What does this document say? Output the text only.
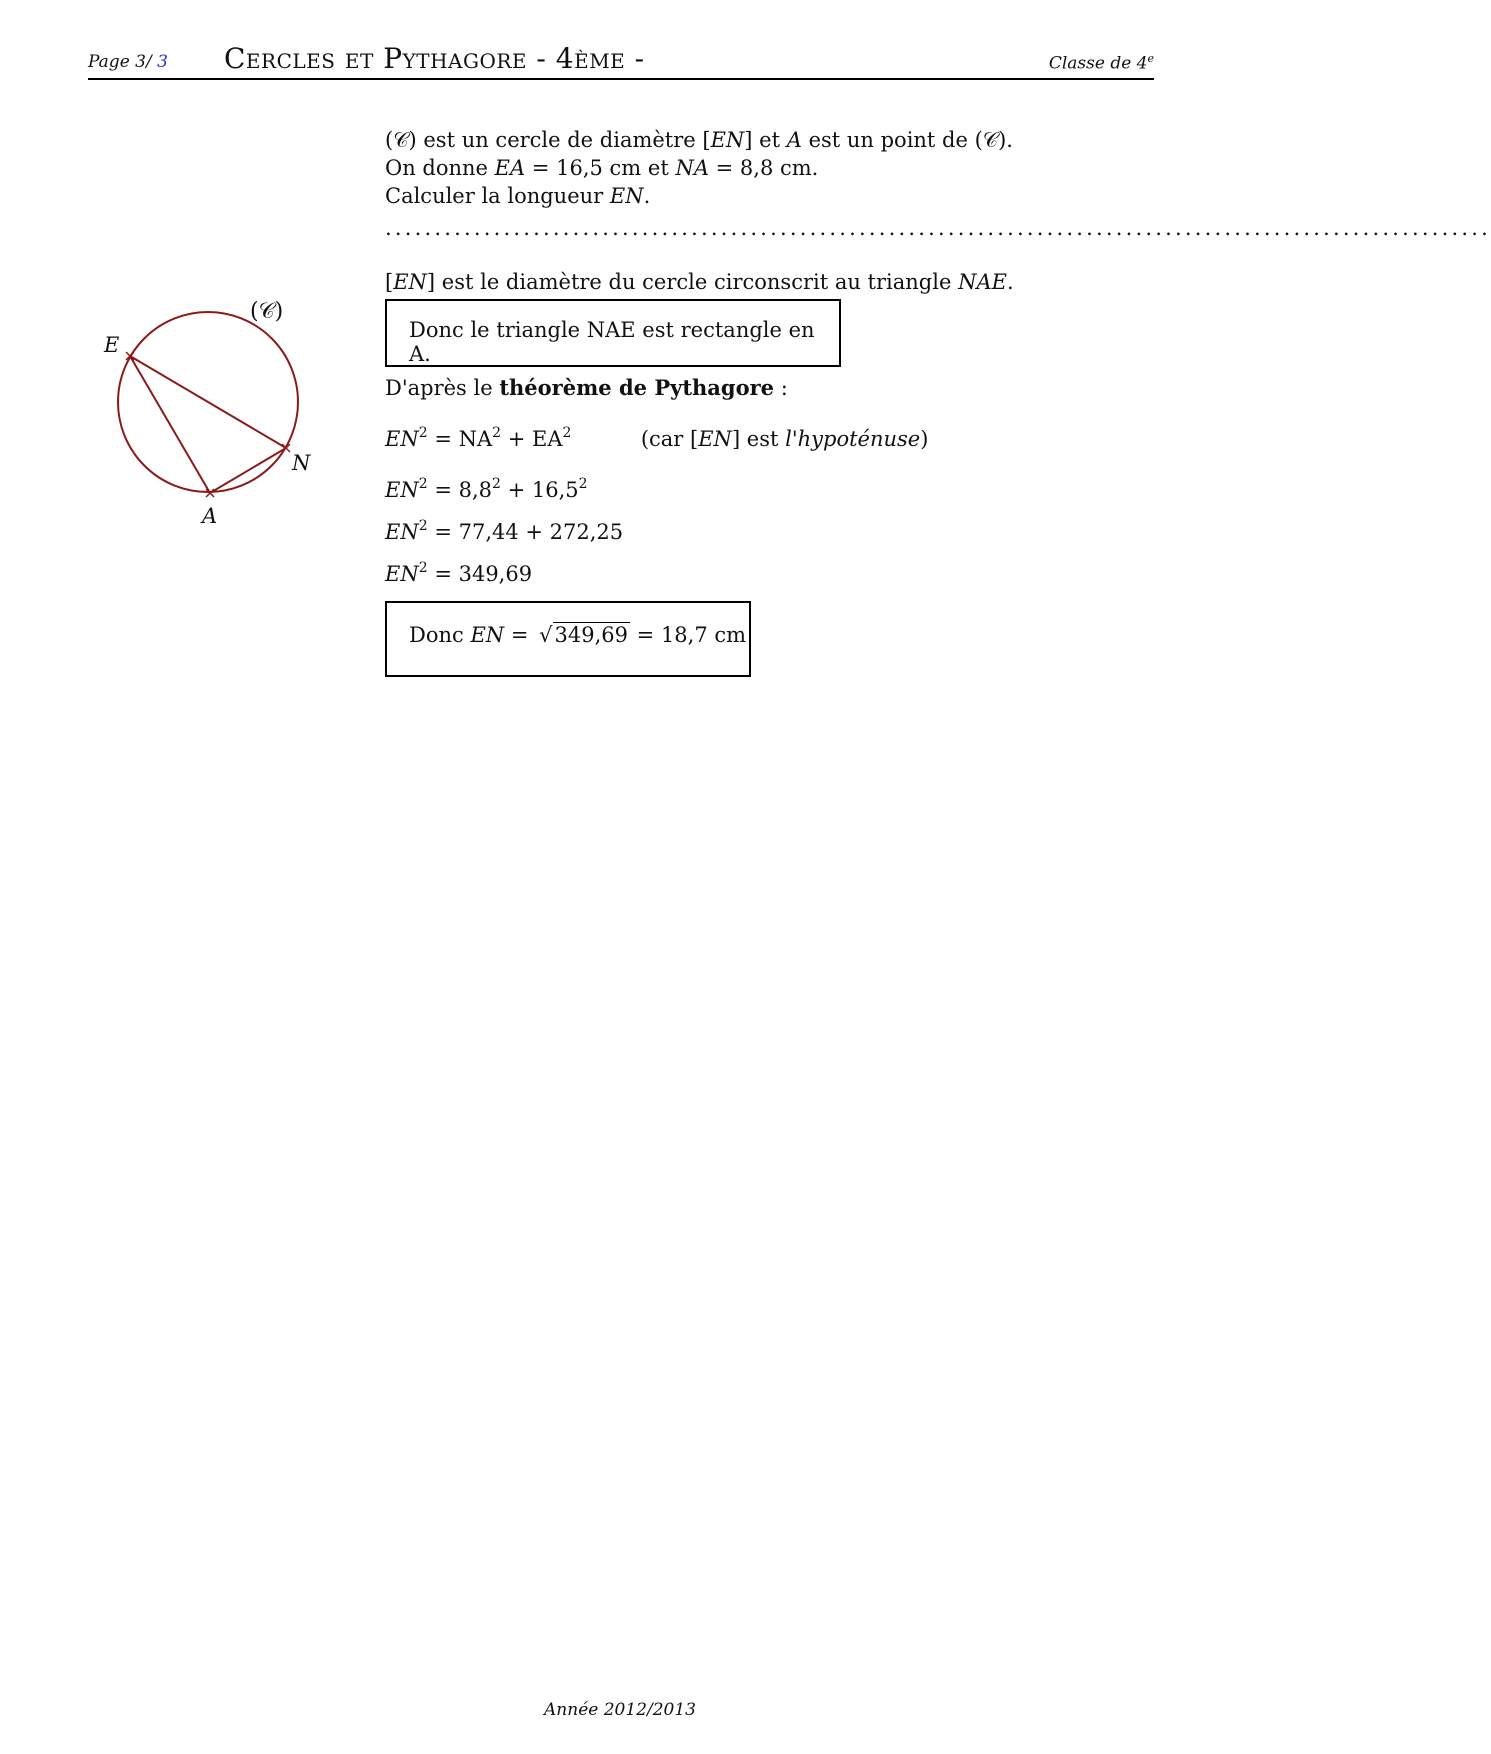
Page 3/ 3 Cercles et Pythagore - 4ème -	Classe de 4e
(𝒞) est un cercle de diamètre [EN] et A est un point de (𝒞).
On donne EA = 16,5 cm et NA = 8,8 cm.
Calculer la longueur EN.
................................................................................................................
[EN] est le diamètre du cercle circonscrit au triangle NAE.
Donc le triangle NAE est rectangle en A.
D'après le théorème de Pythagore :
$EN^2 = NA^2 + EA^2$	(car [EN] est l'hypoténuse)
$EN^2 = 8,8^2 + 16,5^2$
$EN^2 = 77,44 + 272,25$
$EN^2 = 349,69$
Donc EN = √349,69 = 18,7 cm
(𝒞)
E
N
A
Année 2012/2013
